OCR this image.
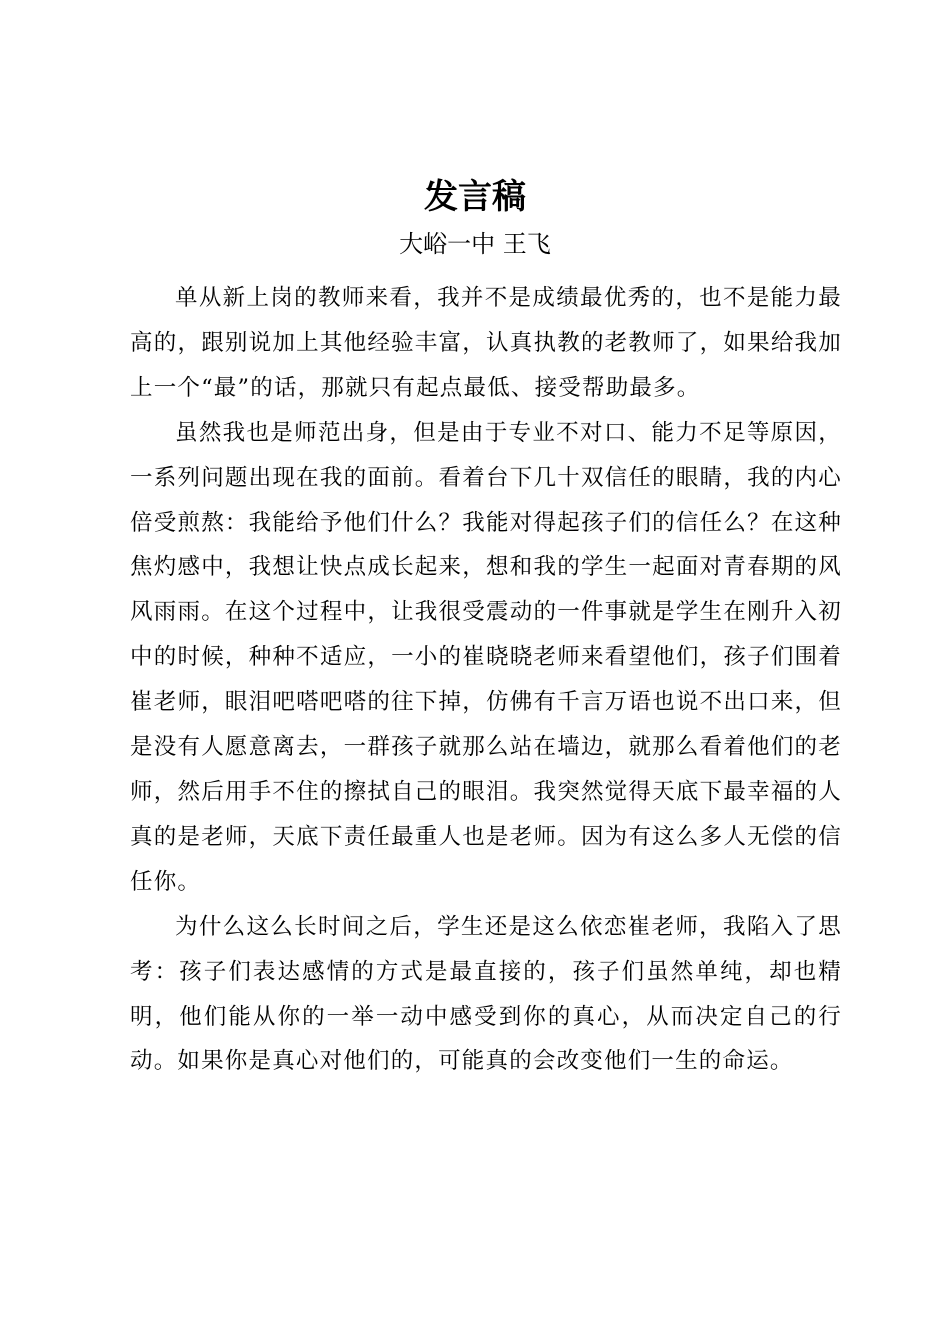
发言稿

大峪一中 王飞

单从新上岗的教师来看，我并不是成绩最优秀的，也不是能力最高的，跟别说加上其他经验丰富，认真执教的老教师了，如果给我加上一个“最”的话，那就只有起点最低、接受帮助最多。

虽然我也是师范出身，但是由于专业不对口、能力不足等原因，一系列问题出现在我的面前。看着台下几十双信任的眼睛，我的内心倍受煎熬：我能给予他们什么？我能对得起孩子们的信任么？在这种焦灼感中，我想让快点成长起来，想和我的学生一起面对青春期的风风雨雨。在这个过程中，让我很受震动的一件事就是学生在刚升入初中的时候，种种不适应，一小的崔晓晓老师来看望他们，孩子们围着崔老师，眼泪吧嗒吧嗒的往下掉，仿佛有千言万语也说不出口来，但是没有人愿意离去，一群孩子就那么站在墙边，就那么看着他们的老师，然后用手不住的擦拭自己的眼泪。我突然觉得天底下最幸福的人真的是老师，天底下责任最重人也是老师。因为有这么多人无偿的信任你。

为什么这么长时间之后，学生还是这么依恋崔老师，我陷入了思考：孩子们表达感情的方式是最直接的，孩子们虽然单纯，却也精明，他们能从你的一举一动中感受到你的真心，从而决定自己的行动。如果你是真心对他们的，可能真的会改变他们一生的命运。
